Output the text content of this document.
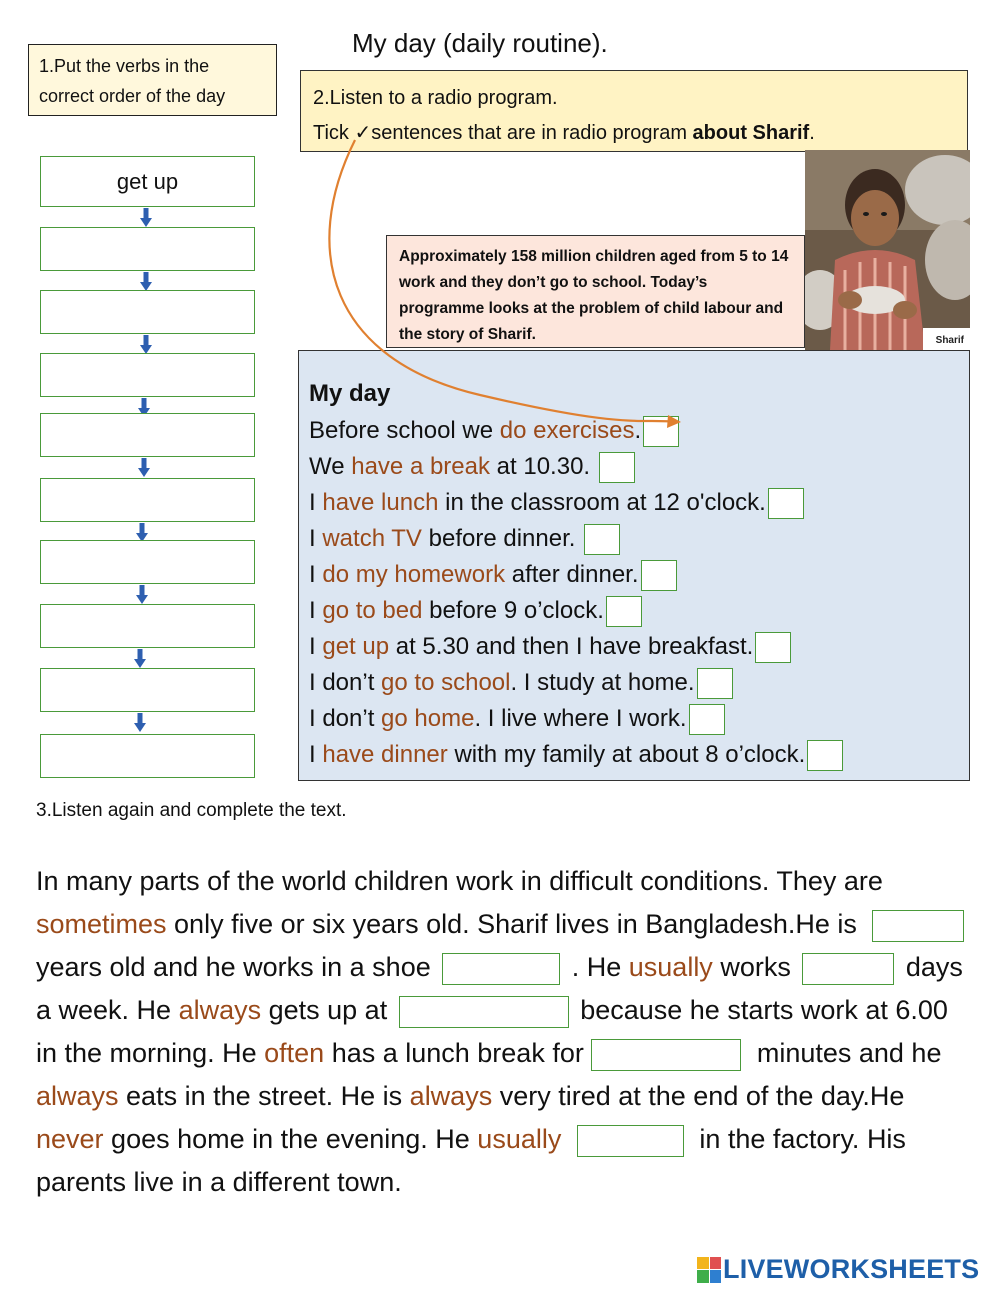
My day (daily routine).
1.Put the verbs in the
correct order of the day	2.Listen to a radio program.
Tick ✓sentences that are in radio program about Sharif.
get up
Sharif
Approximately 158 million children aged from 5 to 14 work and they don’t go to school. Today’s programme looks at the problem of child labour and the story of Sharif.
My day
Before school we do exercises .
We have a break at 10.30.
I have lunch in the classroom at 12 o'clock.
I watch TV before dinner.
I do my homework after dinner.
I go to bed before 9 o’clock.
I get up at 5.30 and then I have breakfast.
I don’t go to school . I study at home.
I don’t go home . I live where I work.
I have dinner with my family at about 8 o’clock.
3.Listen again and complete the text.
In many parts of the world children work in difficult conditions. They are sometimes only five or six years old. Sharif lives in Bangladesh.He is  years old and he works in a shoe	. He usually works	days a week. He always gets up at	because he starts work at 6.00 in the morning. He often has a lunch break for	minutes and he always eats in the street. He is always very tired at the end of the day.He never goes home in the evening. He usually	in the factory. His parents live in a different town.
LIVEWORKSHEETS
